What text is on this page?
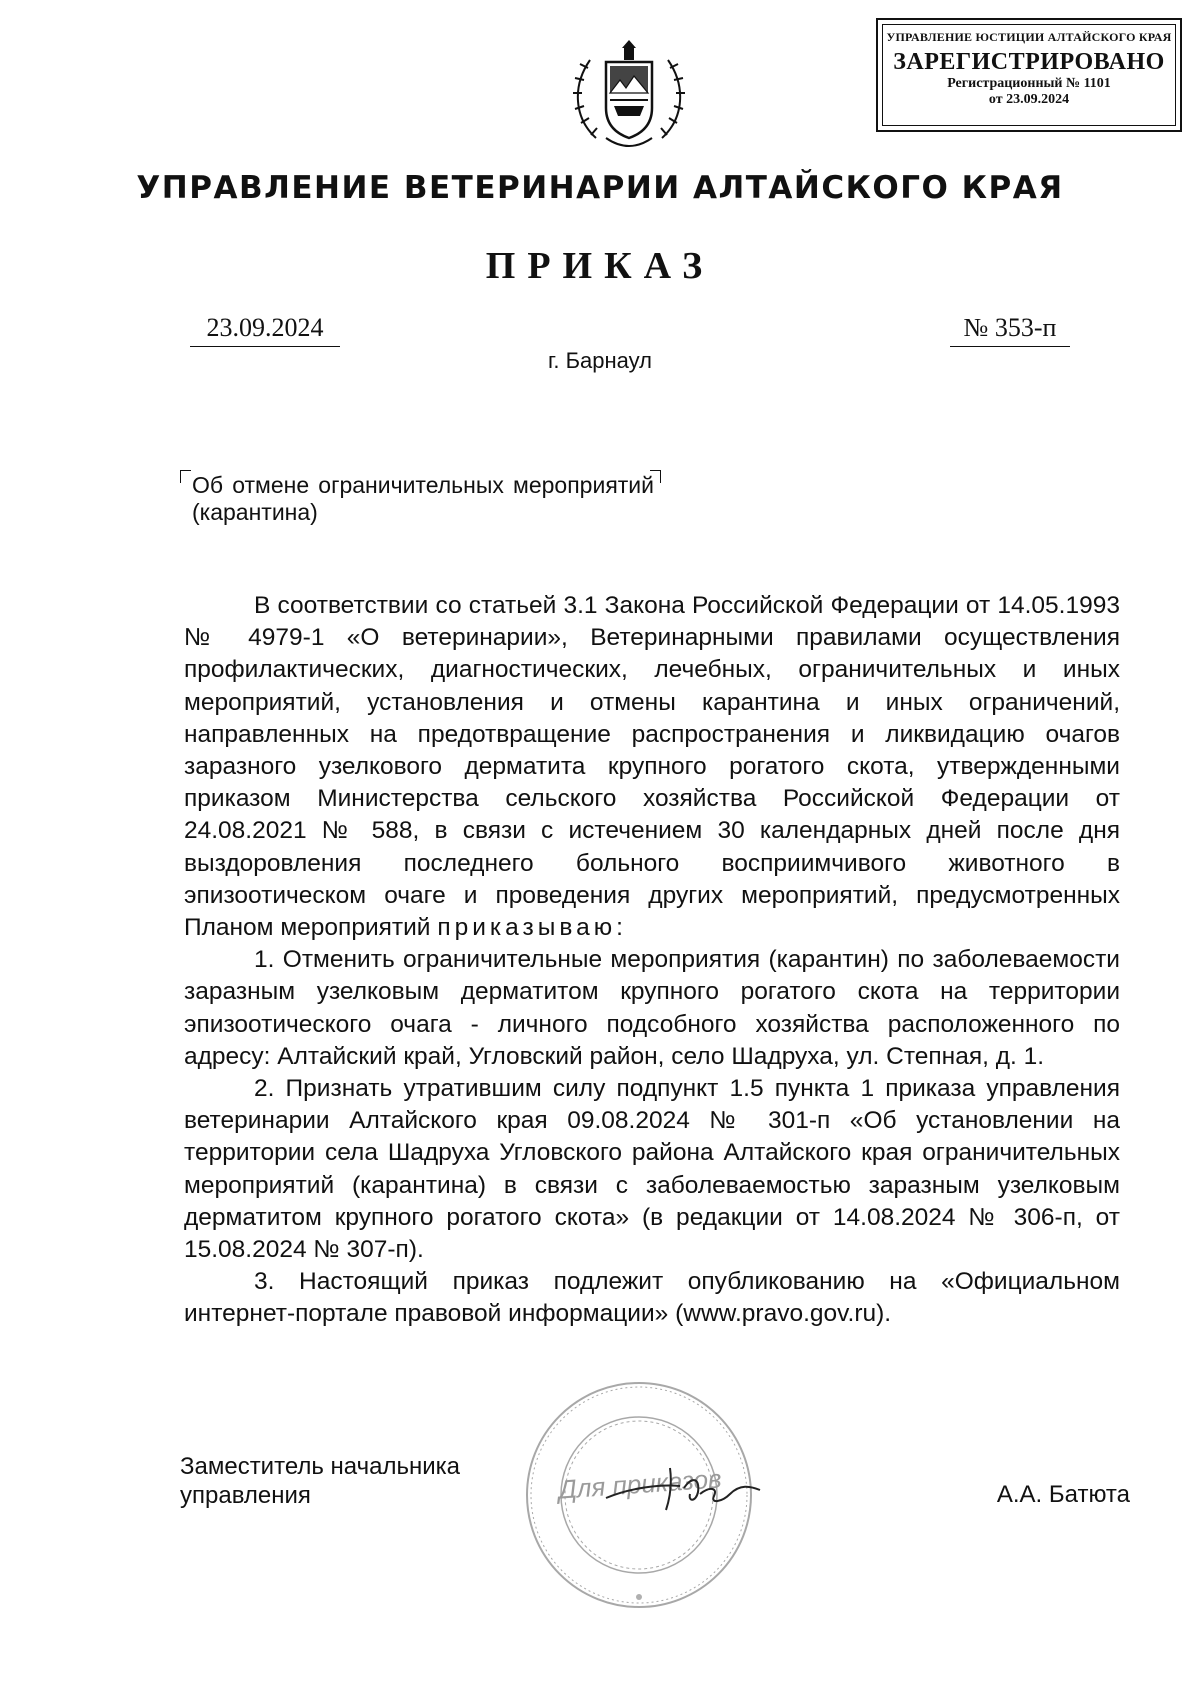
УПРАВЛЕНИЕ ЮСТИЦИИ АЛТАЙСКОГО КРАЯ
ЗАРЕГИСТРИРОВАНО
Регистрационный № 1101
от 23.09.2024
УПРАВЛЕНИЕ ВЕТЕРИНАРИИ АЛТАЙСКОГО КРАЯ
ПРИКАЗ
23.09.2024	№ 353-п
г. Барнаул
Об отмене ограничительных мероприятий (карантина)

В соответствии со статьей 3.1 Закона Российской Федерации от 14.05.1993 № 4979-1 «О ветеринарии», Ветеринарными правилами осуществления профилактических, диагностических, лечебных, ограничительных и иных мероприятий, установления и отмены карантина и иных ограничений, направленных на предотвращение распространения и ликвидацию очагов заразного узелкового дерматита крупного рогатого скота, утвержденными приказом Министерства сельского хозяйства Российской Федерации от 24.08.2021 № 588, в связи с истечением 30 календарных дней после дня выздоровления последнего больного восприимчивого животного в эпизоотическом очаге и проведения других мероприятий, предусмотренных Планом мероприятий приказываю:

1. Отменить ограничительные мероприятия (карантин) по заболеваемости заразным узелковым дерматитом крупного рогатого скота на территории эпизоотического очага - личного подсобного хозяйства расположенного по адресу: Алтайский край, Угловский район, село Шадруха, ул. Степная, д. 1.

2. Признать утратившим силу подпункт 1.5 пункта 1 приказа управления ветеринарии Алтайского края 09.08.2024 № 301-п «Об установлении на территории села Шадруха Угловского района Алтайского края ограничительных мероприятий (карантина) в связи с заболеваемостью заразным узелковым дерматитом крупного рогатого скота» (в редакции от 14.08.2024 № 306-п, от 15.08.2024 № 307-п).

3. Настоящий приказ подлежит опубликованию на «Официальном интернет-портале правовой информации» (www.pravo.gov.ru).

Для приказов
Заместитель начальника управления	А.А. Батюта
